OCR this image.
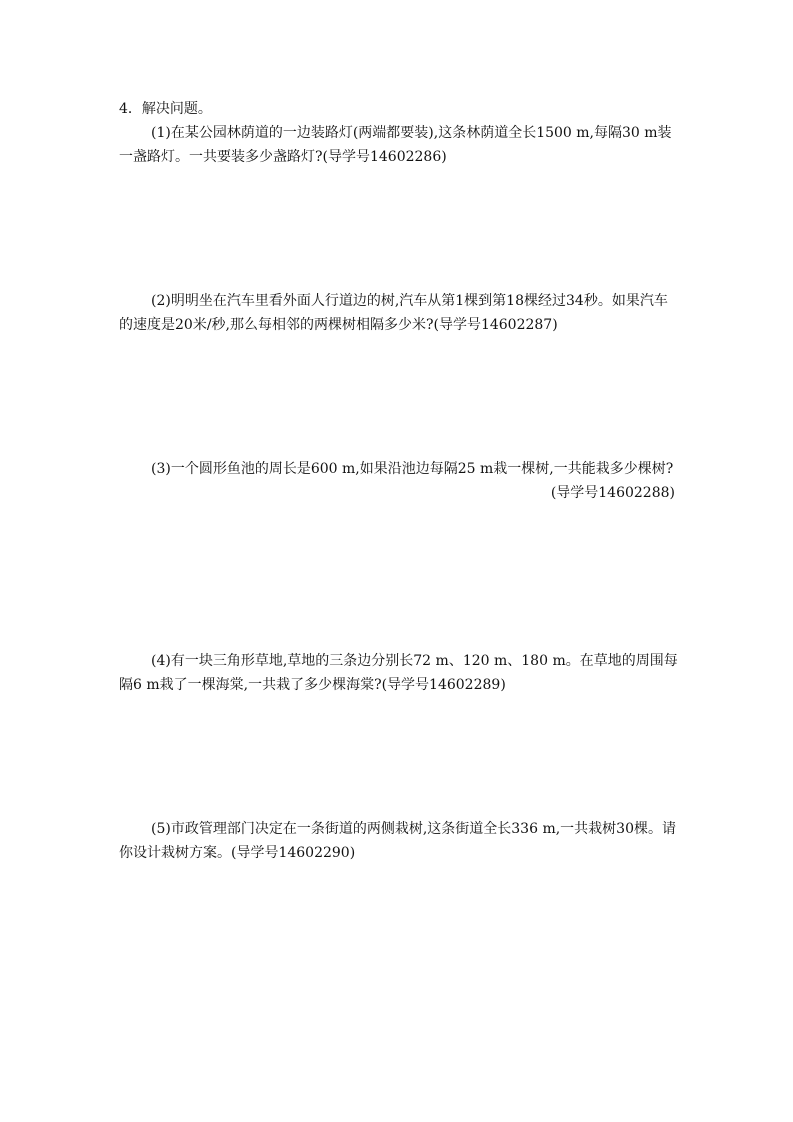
4．解决问题。
(1)在某公园林荫道的一边装路灯(两端都要装),这条林荫道全长1500 m,每隔30 m装一盏路灯。一共要装多少盏路灯?(导学号14602286)
(2)明明坐在汽车里看外面人行道边的树,汽车从第1棵到第18棵经过34秒。如果汽车的速度是20米/秒,那么每相邻的两棵树相隔多少米?(导学号14602287)
(3)一个圆形鱼池的周长是600 m,如果沿池边每隔25 m栽一棵树,一共能栽多少棵树?
(导学号14602288)
(4)有一块三角形草地,草地的三条边分别长72 m、120 m、180 m。在草地的周围每隔6 m栽了一棵海棠,一共栽了多少棵海棠?(导学号14602289)
(5)市政管理部门决定在一条街道的两侧栽树,这条街道全长336 m,一共栽树30棵。请你设计栽树方案。(导学号14602290)
